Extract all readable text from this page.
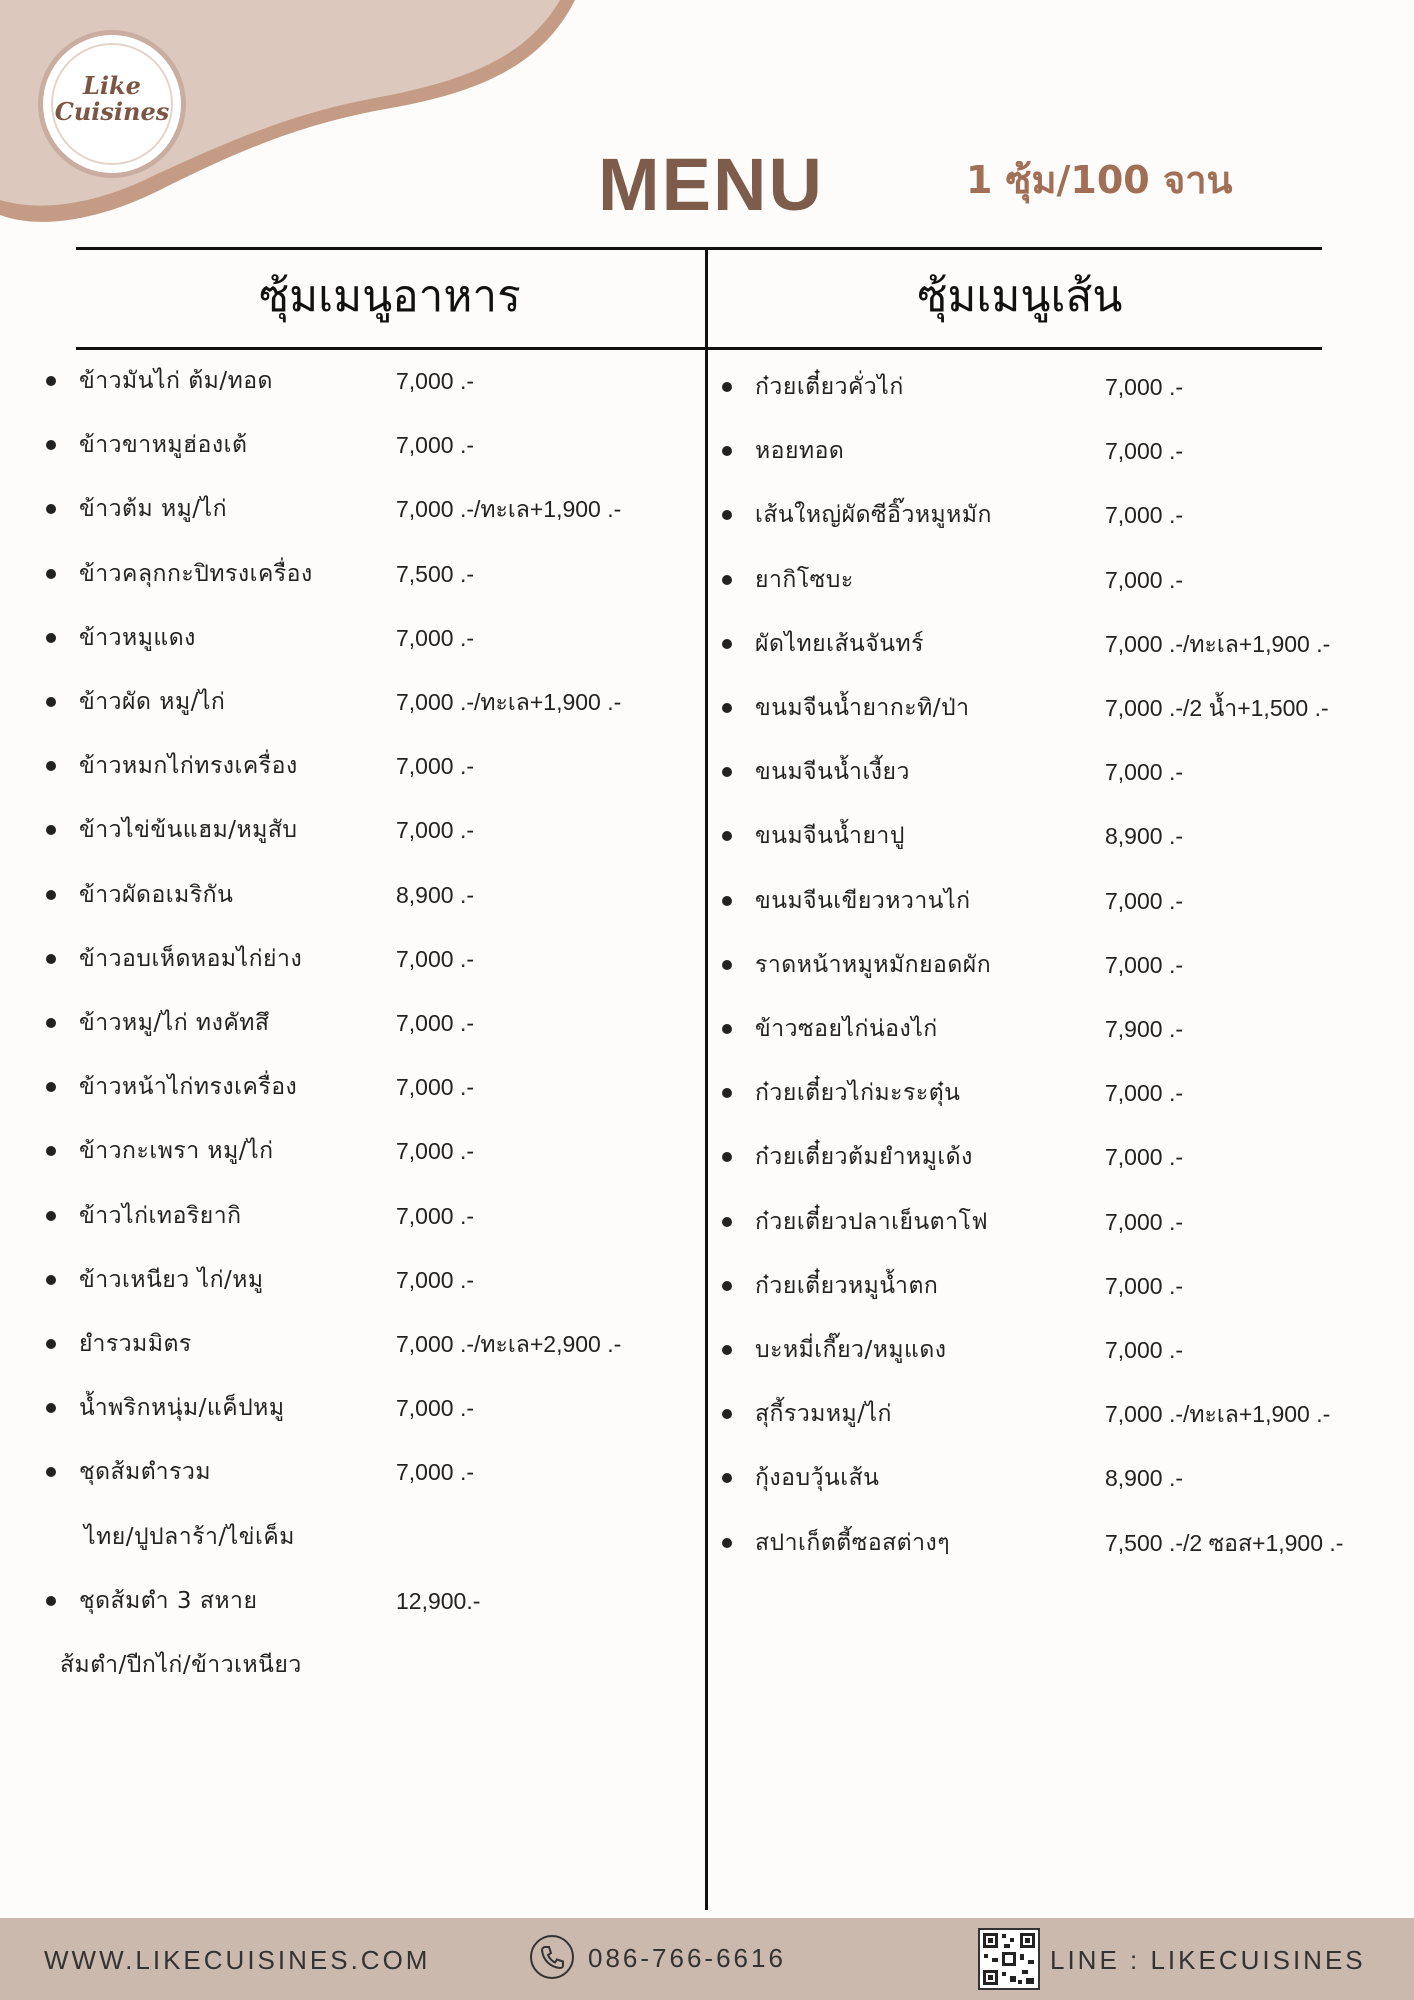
Like
Cuisines
MENU	1 ซุ้ม/100 จาน
ซุ้มเมนูอาหาร	ซุ้มเมนูเส้น
ข้าวมันไก่ ต้ม/ทอด	7,000 .-
ข้าวขาหมูฮ่องเต้	7,000 .-
ข้าวต้ม หมู/ไก่	7,000 .-/ทะเล+1,900 .-
ข้าวคลุกกะปิทรงเครื่อง	7,500 .-
ข้าวหมูแดง	7,000 .-
ข้าวผัด หมู/ไก่	7,000 .-/ทะเล+1,900 .-
ข้าวหมกไก่ทรงเครื่อง	7,000 .-
ข้าวไข่ข้นแฮม/หมูสับ	7,000 .-
ข้าวผัดอเมริกัน	8,900 .-
ข้าวอบเห็ดหอมไก่ย่าง	7,000 .-
ข้าวหมู/ไก่ ทงคัทสึ	7,000 .-
ข้าวหน้าไก่ทรงเครื่อง	7,000 .-
ข้าวกะเพรา หมู/ไก่	7,000 .-
ข้าวไก่เทอริยากิ	7,000 .-
ข้าวเหนียว ไก่/หมู	7,000 .-
ยำรวมมิตร	7,000 .-/ทะเล+2,900 .-
น้ำพริกหนุ่ม/แค็ปหมู	7,000 .-
ชุดส้มตำรวม	7,000 .-
ไทย/ปูปลาร้า/ไข่เค็ม
ชุดส้มตำ 3 สหาย	12,900.-
ส้มตำ/ปีกไก่/ข้าวเหนียว
ก๋วยเตี๋ยวคั่วไก่	7,000 .-
หอยทอด	7,000 .-
เส้นใหญ่ผัดซีอิ๊วหมูหมัก	7,000 .-
ยากิโซบะ	7,000 .-
ผัดไทยเส้นจันทร์	7,000 .-/ทะเล+1,900 .-
ขนมจีนน้ำยากะทิ/ป่า	7,000 .-/2 น้ำ+1,500 .-
ขนมจีนน้ำเงี้ยว	7,000 .-
ขนมจีนน้ำยาปู	8,900 .-
ขนมจีนเขียวหวานไก่	7,000 .-
ราดหน้าหมูหมักยอดผัก	7,000 .-
ข้าวซอยไก่น่องไก่	7,900 .-
ก๋วยเตี๋ยวไก่มะระตุ๋น	7,000 .-
ก๋วยเตี๋ยวต้มยำหมูเด้ง	7,000 .-
ก๋วยเตี๋ยวปลาเย็นตาโฟ	7,000 .-
ก๋วยเตี๋ยวหมูน้ำตก	7,000 .-
บะหมี่เกี๊ยว/หมูแดง	7,000 .-
สุกี้รวมหมู/ไก่	7,000 .-/ทะเล+1,900 .-
กุ้งอบวุ้นเส้น	8,900 .-
สปาเก็ตตี้ซอสต่างๆ	7,500 .-/2 ซอส+1,900 .-
WWW.LIKECUISINES.COM	086-766-6616	LINE : LIKECUISINES
